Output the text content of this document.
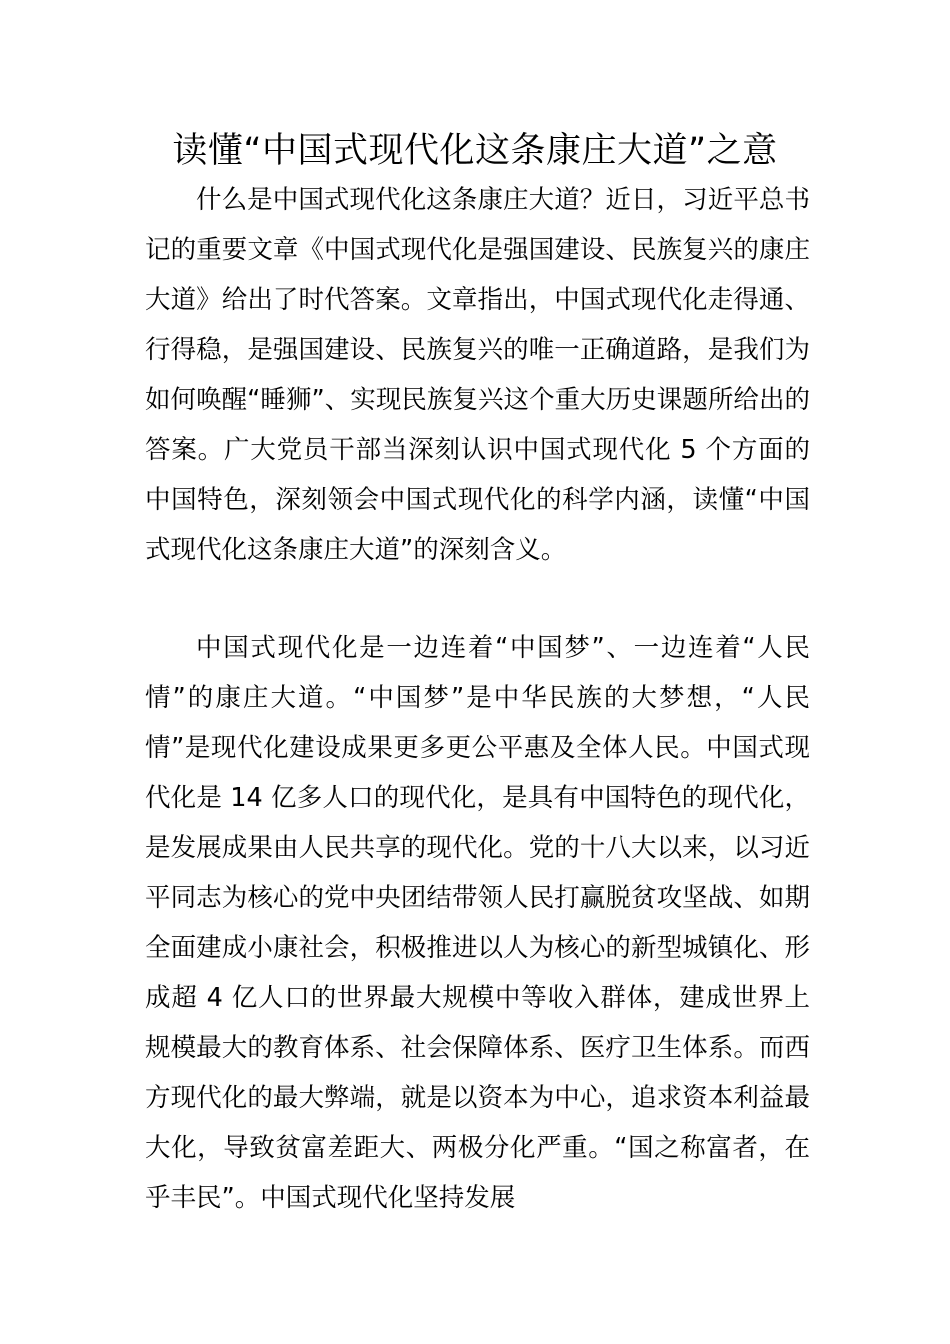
读懂“中国式现代化这条康庄大道”之意

什么是中国式现代化这条康庄大道？近日，习近平总书记的重要文章《中国式现代化是强国建设、民族复兴的康庄大道》给出了时代答案。文章指出，中国式现代化走得通、行得稳，是强国建设、民族复兴的唯一正确道路，是我们为如何唤醒“睡狮”、实现民族复兴这个重大历史课题所给出的答案。广大党员干部当深刻认识中国式现代化 5 个方面的中国特色，深刻领会中国式现代化的科学内涵，读懂“中国式现代化这条康庄大道”的深刻含义。

中国式现代化是一边连着“中国梦”、一边连着“人民情”的康庄大道。“中国梦”是中华民族的大梦想，“人民情”是现代化建设成果更多更公平惠及全体人民。中国式现代化是 14 亿多人口的现代化，是具有中国特色的现代化，是发展成果由人民共享的现代化。党的十八大以来，以习近平同志为核心的党中央团结带领人民打赢脱贫攻坚战、如期全面建成小康社会，积极推进以人为核心的新型城镇化、形成超 4 亿人口的世界最大规模中等收入群体，建成世界上规模最大的教育体系、社会保障体系、医疗卫生体系。而西方现代化的最大弊端，就是以资本为中心，追求资本利益最大化，导致贫富差距大、两极分化严重。“国之称富者，在乎丰民”。中国式现代化坚持发展
